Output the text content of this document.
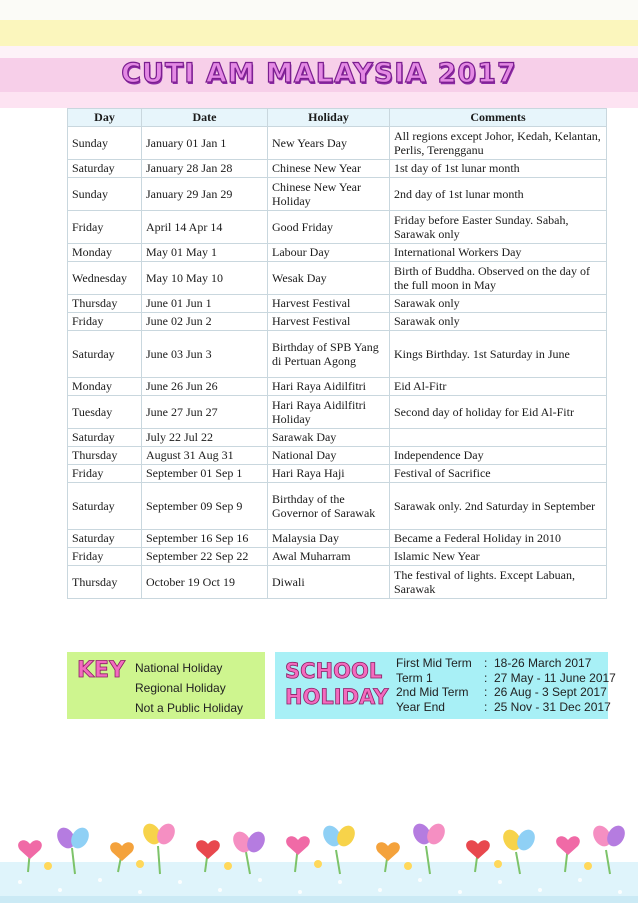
CUTI AM MALAYSIA 2017
Day	Date	Holiday	Comments
Sunday	January 01 Jan 1	New Years Day	All regions except Johor, Kedah, Kelantan, Perlis, Terengganu
Saturday	January 28 Jan 28	Chinese New Year	1st day of 1st lunar month
Sunday	January 29 Jan 29	Chinese New Year Holiday	2nd day of 1st lunar month
Friday	April 14 Apr 14	Good Friday	Friday before Easter Sunday. Sabah, Sarawak only
Monday	May 01 May 1	Labour Day	International Workers Day
Wednesday	May 10 May 10	Wesak Day	Birth of Buddha. Observed on the day of the full moon in May
Thursday	June 01 Jun 1	Harvest Festival	Sarawak only
Friday	June 02 Jun 2	Harvest Festival	Sarawak only
Saturday	June 03 Jun 3	Birthday of SPB Yang di Pertuan Agong	Kings Birthday. 1st Saturday in June
Monday	June 26 Jun 26	Hari Raya Aidilfitri	Eid Al-Fitr
Tuesday	June 27 Jun 27	Hari Raya Aidilfitri Holiday	Second day of holiday for Eid Al-Fitr
Saturday	July 22 Jul 22	Sarawak Day	
Thursday	August 31 Aug 31	National Day	Independence Day
Friday	September 01 Sep 1	Hari Raya Haji	Festival of Sacrifice
Saturday	September 09 Sep 9	Birthday of the Governor of Sarawak	Sarawak only. 2nd Saturday in September
Saturday	September 16 Sep 16	Malaysia Day	Became a Federal Holiday in 2010
Friday	September 22 Sep 22	Awal Muharram	Islamic New Year
Thursday	October 19 Oct 19	Diwali	The festival of lights. Except Labuan, Sarawak
KEY National Holiday
Regional Holiday
Not a Public Holiday
SCHOOL
HOLIDAY
First Mid Term : 18-26 March 2017
Term 1	: 27 May - 11 June 2017
2nd Mid Term : 26 Aug - 3 Sept 2017
Year End	: 25 Nov - 31 Dec 2017
